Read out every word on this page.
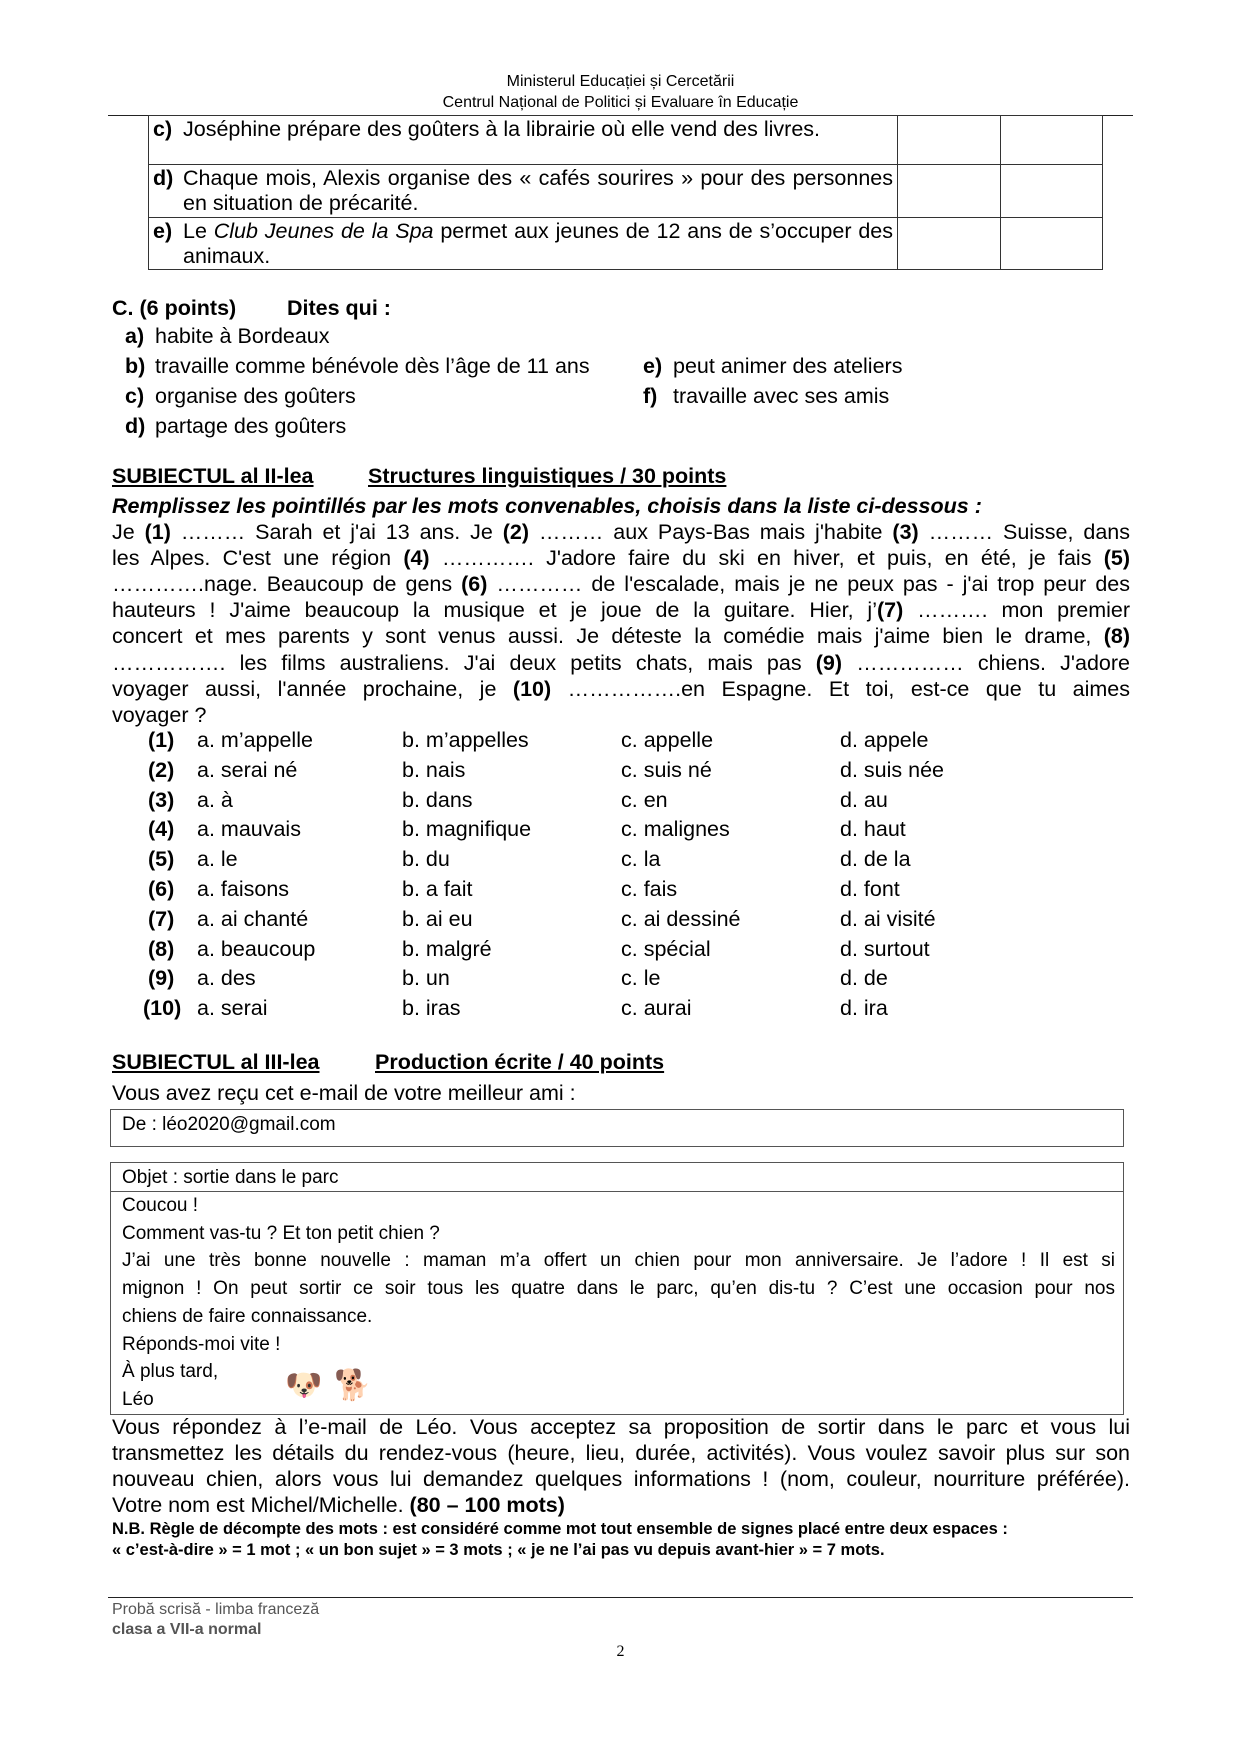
Ministerul Educației și Cercetării
Centrul Național de Politici și Evaluare în Educație
c) Joséphine prépare des goûters à la librairie où elle vend des livres.		

d) Chaque mois, Alexis organise des « cafés sourires » pour des personnes en situation de précarité.		

e) Le Club Jeunes de la Spa permet aux jeunes de 12 ans de s’occuper des animaux.		

C. (6 points) Dites qui :
a) habite à Bordeaux
b) travaille comme bénévole dès l’âge de 11 ans
c) organise des goûters
d) partage des goûters
e) peut animer des ateliers
f) travaille avec ses amis
SUBIECTUL al II-lea	Structures linguistiques / 30 points
Remplissez les pointillés par les mots convenables, choisis dans la liste ci-dessous :
Je (1) ……… Sarah et j'ai 13 ans. Je (2) ……… aux Pays-Bas mais j'habite (3) ……… Suisse, dans
les Alpes. C'est une région (4) …………. J'adore faire du ski en hiver, et puis, en été, je fais (5)
………….nage. Beaucoup de gens (6) ………… de l'escalade, mais je ne peux pas - j'ai trop peur des
hauteurs ! J'aime beaucoup la musique et je joue de la guitare. Hier, j’(7) ………. mon premier
concert et mes parents y sont venus aussi. Je déteste la comédie mais j'aime bien le drame, (8)
……………. les films australiens. J'ai deux petits chats, mais pas (9) …………… chiens. J'adore
voyager aussi, l'année prochaine, je (10) …………….en Espagne. Et toi, est-ce que tu aimes
voyager ?
(1) a. m’appelle	b. m’appelles	c. appelle	d. appele
(2) a. serai né	b. nais	c. suis né	d. suis née
(3) a. à	b. dans	c. en	d. au
(4) a. mauvais	b. magnifique	c. malignes	d. haut
(5) a. le	b. du	c. la	d. de la
(6) a. faisons	b. a fait	c. fais	d. font
(7) a. ai chanté	b. ai eu	c. ai dessiné	d. ai visité
(8) a. beaucoup	b. malgré	c. spécial	d. surtout
(9) a. des	b. un	c. le	d. de
(10) a. serai	b. iras	c. aurai	d. ira
SUBIECTUL al III-lea	Production écrite / 40 points
Vous avez reçu cet e-mail de votre meilleur ami :
De : léo2020@gmail.com
Objet : sortie dans le parc
Coucou !
Comment vas-tu ? Et ton petit chien ?
J’ai une très bonne nouvelle : maman m’a offert un chien pour mon anniversaire. Je l’adore ! Il est si
mignon ! On peut sortir ce soir tous les quatre dans le parc, qu’en dis-tu ? C’est une occasion pour nos
chiens de faire connaissance.
Réponds-moi vite !
À plus tard,
Léo	🐶 🐕
Vous répondez à l’e-mail de Léo. Vous acceptez sa proposition de sortir dans le parc et vous lui
transmettez les détails du rendez-vous (heure, lieu, durée, activités). Vous voulez savoir plus sur son
nouveau chien, alors vous lui demandez quelques informations ! (nom, couleur, nourriture préférée).
Votre nom est Michel/Michelle. (80 – 100 mots)
N.B. Règle de décompte des mots : est considéré comme mot tout ensemble de signes placé entre deux espaces :
« c’est-à-dire » = 1 mot ; « un bon sujet » = 3 mots ; « je ne l’ai pas vu depuis avant-hier » = 7 mots.
Probă scrisă - limba franceză
clasa a VII-a normal
2
